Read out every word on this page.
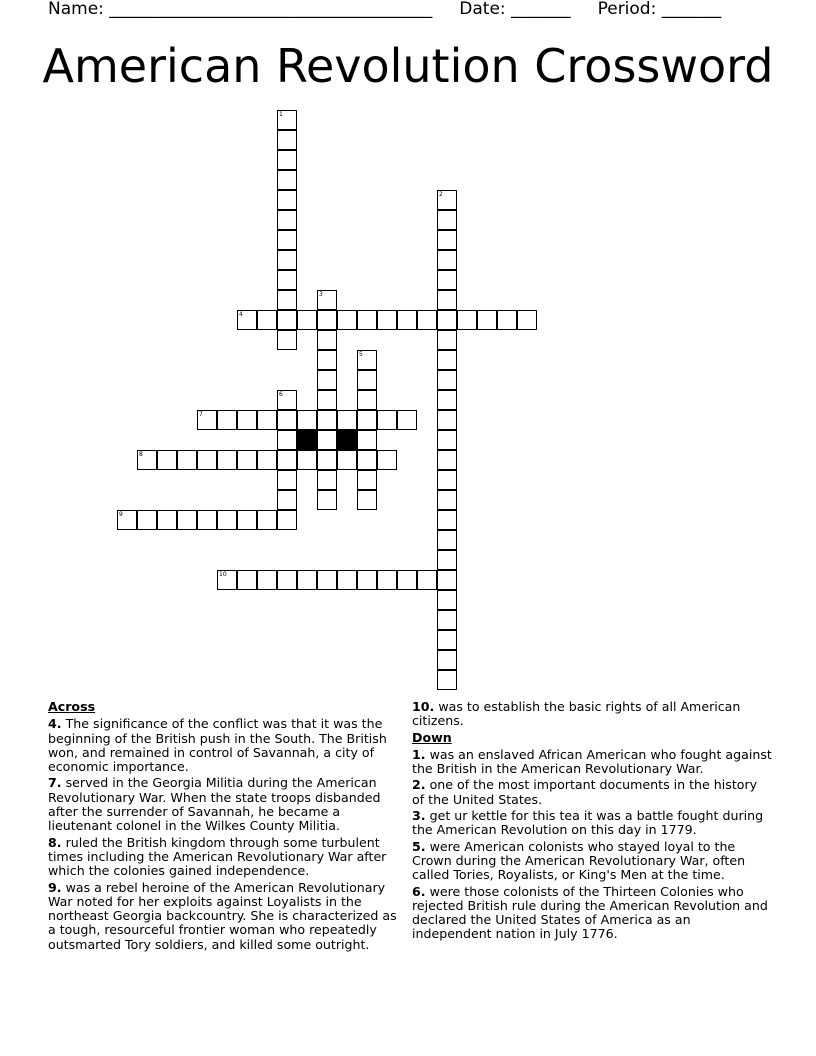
Name: ______________________________________     Date: _______     Period: _______
American Revolution Crossword
1
2
3
4
5
6
7
8
9
10
Across
4. The significance of the conflict was that it was the beginning of the British push in the South. The British won, and remained in control of Savannah, a city of economic importance.
7. served in the Georgia Militia during the American Revolutionary War. When the state troops disbanded after the surrender of Savannah, he became a lieutenant colonel in the Wilkes County Militia.
8. ruled the British kingdom through some turbulent times including the American Revolutionary War after which the colonies gained independence.
9. was a rebel heroine of the American Revolutionary War noted for her exploits against Loyalists in the northeast Georgia backcountry. She is characterized as a tough, resourceful frontier woman who repeatedly outsmarted Tory soldiers, and killed some outright.
10. was to establish the basic rights of all American citizens.
Down
1. was an enslaved African American who fought against the British in the American Revolutionary War.
2. one of the most important documents in the history of the United States.
3. get ur kettle for this tea it was a battle fought during the American Revolution on this day in 1779.
5. were American colonists who stayed loyal to the Crown during the American Revolutionary War, often called Tories, Royalists, or King's Men at the time.
6. were those colonists of the Thirteen Colonies who rejected British rule during the American Revolution and declared the United States of America as an independent nation in July 1776.
